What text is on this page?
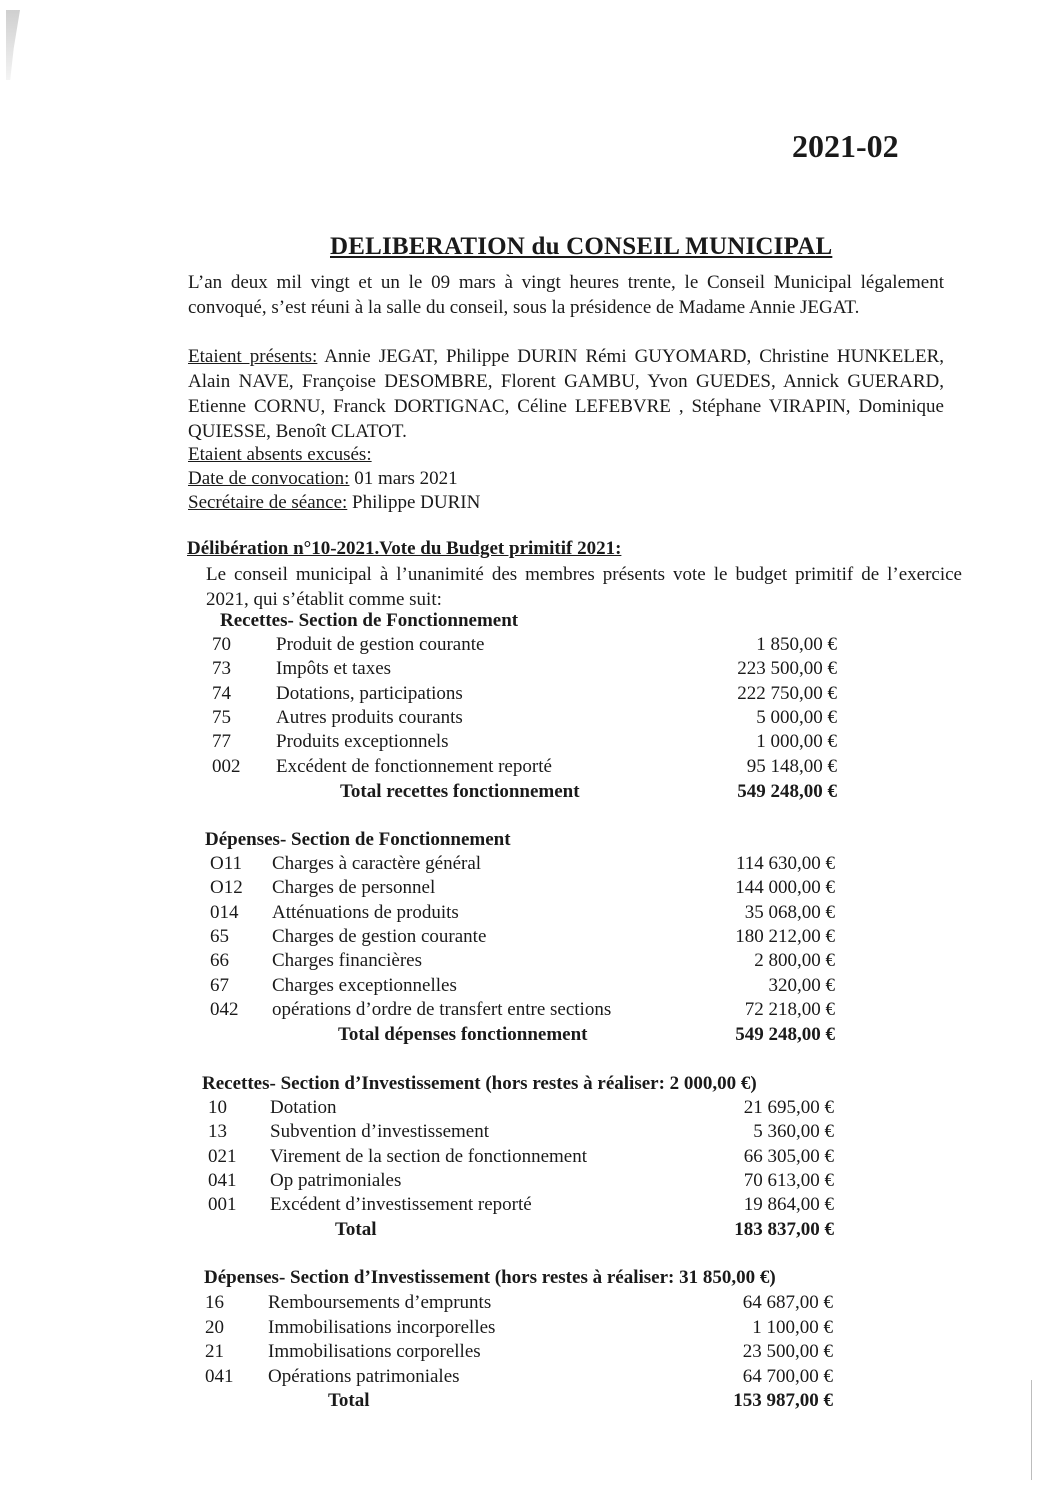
2021-02
DELIBERATION du CONSEIL MUNICIPAL
L’an deux mil vingt et un le 09 mars à vingt heures trente, le Conseil Municipal légalement convoqué, s’est réuni à la salle du conseil, sous la présidence de Madame Annie JEGAT.
Etaient présents: Annie JEGAT, Philippe DURIN Rémi GUYOMARD, Christine HUNKELER, Alain NAVE, Françoise DESOMBRE, Florent GAMBU, Yvon GUEDES, Annick GUERARD, Etienne CORNU, Franck DORTIGNAC, Céline LEFEBVRE , Stéphane VIRAPIN, Dominique QUIESSE, Benoît CLATOT.
Etaient absents excusés:
Date de convocation: 01 mars 2021
Secrétaire de séance: Philippe DURIN
Délibération n°10-2021.Vote du Budget primitif 2021:
Le conseil municipal à l’unanimité des membres présents vote le budget primitif de l’exercice 2021, qui s’établit comme suit:
Recettes- Section de Fonctionnement
70 Produit de gestion courante	1 850,00 €
73 Impôts et taxes	223 500,00 €
74 Dotations, participations	222 750,00 €
75 Autres produits courants	5 000,00 €
77 Produits exceptionnels	1 000,00 €
002 Excédent de fonctionnement reporté	95 148,00 €
Total recettes fonctionnement	549 248,00 €
Dépenses- Section de Fonctionnement
O11 Charges à caractère général	114 630,00 €
O12 Charges de personnel	144 000,00 €
014 Atténuations de produits	35 068,00 €
65 Charges de gestion courante	180 212,00 €
66 Charges financières	2 800,00 €
67 Charges exceptionnelles	320,00 €
042 opérations d’ordre de transfert entre sections	72 218,00 €
Total dépenses fonctionnement	549 248,00 €
Recettes- Section d’Investissement (hors restes à réaliser: 2 000,00 €)
10 Dotation	21 695,00 €
13 Subvention d’investissement	5 360,00 €
021 Virement de la section de fonctionnement	66 305,00 €
041 Op patrimoniales	70 613,00 €
001 Excédent d’investissement reporté	19 864,00 €
Total	183 837,00 €
Dépenses- Section d’Investissement (hors restes à réaliser: 31 850,00 €)
16 Remboursements d’emprunts	64 687,00 €
20 Immobilisations incorporelles	1 100,00 €
21 Immobilisations corporelles	23 500,00 €
041 Opérations patrimoniales	64 700,00 €
Total	153 987,00 €
